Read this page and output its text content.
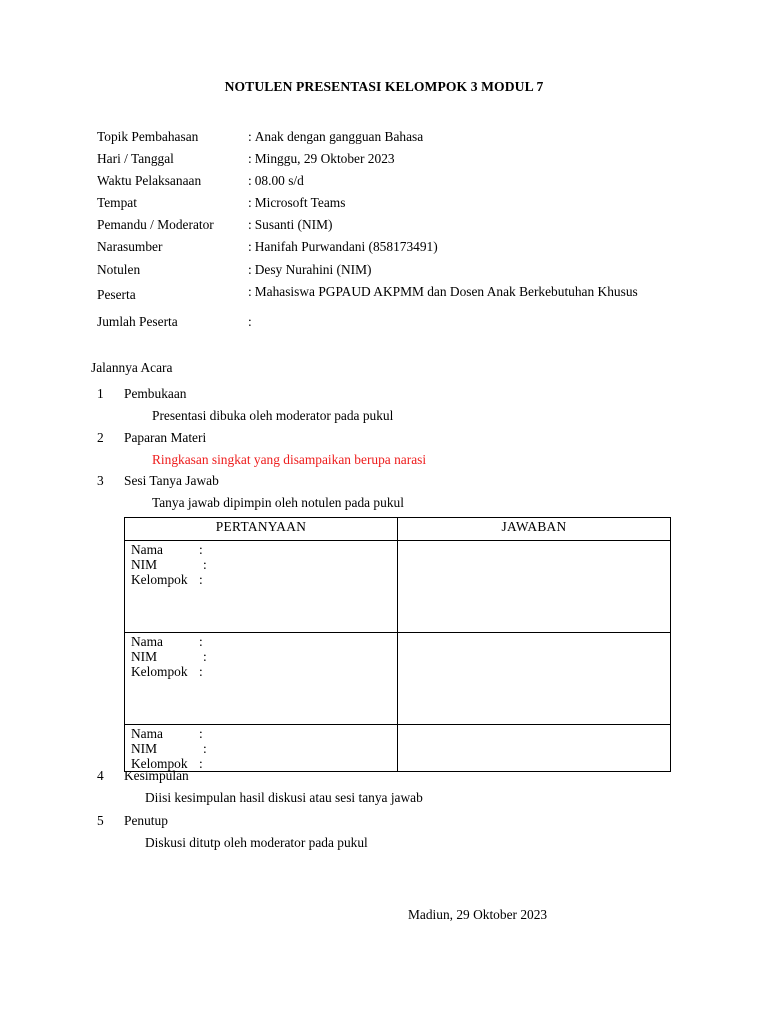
NOTULEN PRESENTASI KELOMPOK 3 MODUL 7
Topik Pembahasan	: Anak dengan gangguan Bahasa
Hari / Tanggal	: Minggu, 29 Oktober 2023
Waktu Pelaksanaan	: 08.00 s/d
Tempat	: Microsoft Teams
Pemandu / Moderator	: Susanti (NIM)
Narasumber	: Hanifah Purwandani (858173491)
Notulen	: Desy Nurahini (NIM)
Peserta	: Mahasiswa PGPAUD AKPMM dan Dosen Anak Berkebutuhan Khusus
Jumlah Peserta	:
Jalannya Acara
1 Pembukaan
Presentasi dibuka oleh moderator pada pukul
2 Paparan Materi
Ringkasan singkat yang disampaikan berupa narasi
3 Sesi Tanya Jawab
Tanya jawab dipimpin oleh notulen pada pukul
PERTANYAAN	JAWABAN

Nama :
NIM :
Kelompok :	

Nama :
NIM :
Kelompok :	

Nama :
NIM :
Kelompok :	

4 Kesimpulan
Diisi kesimpulan hasil diskusi atau sesi tanya jawab
5 Penutup
Diskusi ditutp oleh moderator pada pukul
Madiun, 29 Oktober 2023
